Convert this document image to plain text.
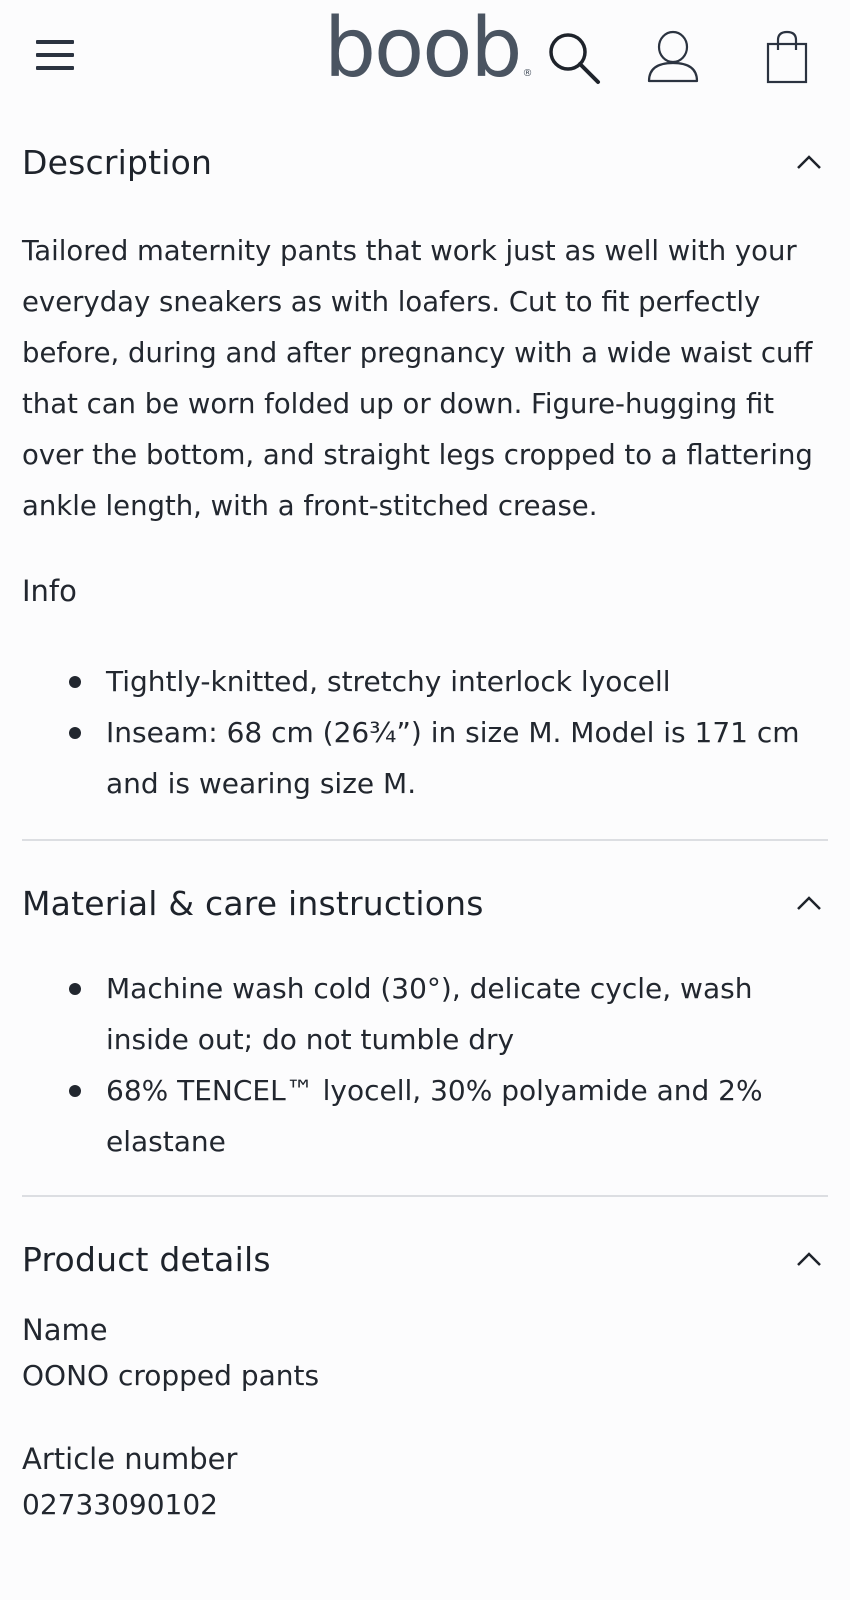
boob ®
Description

Tailored maternity pants that work just as well with your everyday sneakers as with loafers. Cut to fit perfectly before, during and after pregnancy with a wide waist cuff that can be worn folded up or down. Figure-hugging fit over the bottom, and straight legs cropped to a flattering ankle length, with a front-stitched crease.

Info
Tightly-knitted, stretchy interlock lyocell
Inseam: 68 cm (26¾”) in size M. Model is 171 cm and is wearing size M.
Material & care instructions
Machine wash cold (30°), delicate cycle, wash inside out; do not tumble dry
68% TENCEL™ lyocell, 30% polyamide and 2% elastane
Product details
Name
OONO cropped pants
Article number
02733090102
